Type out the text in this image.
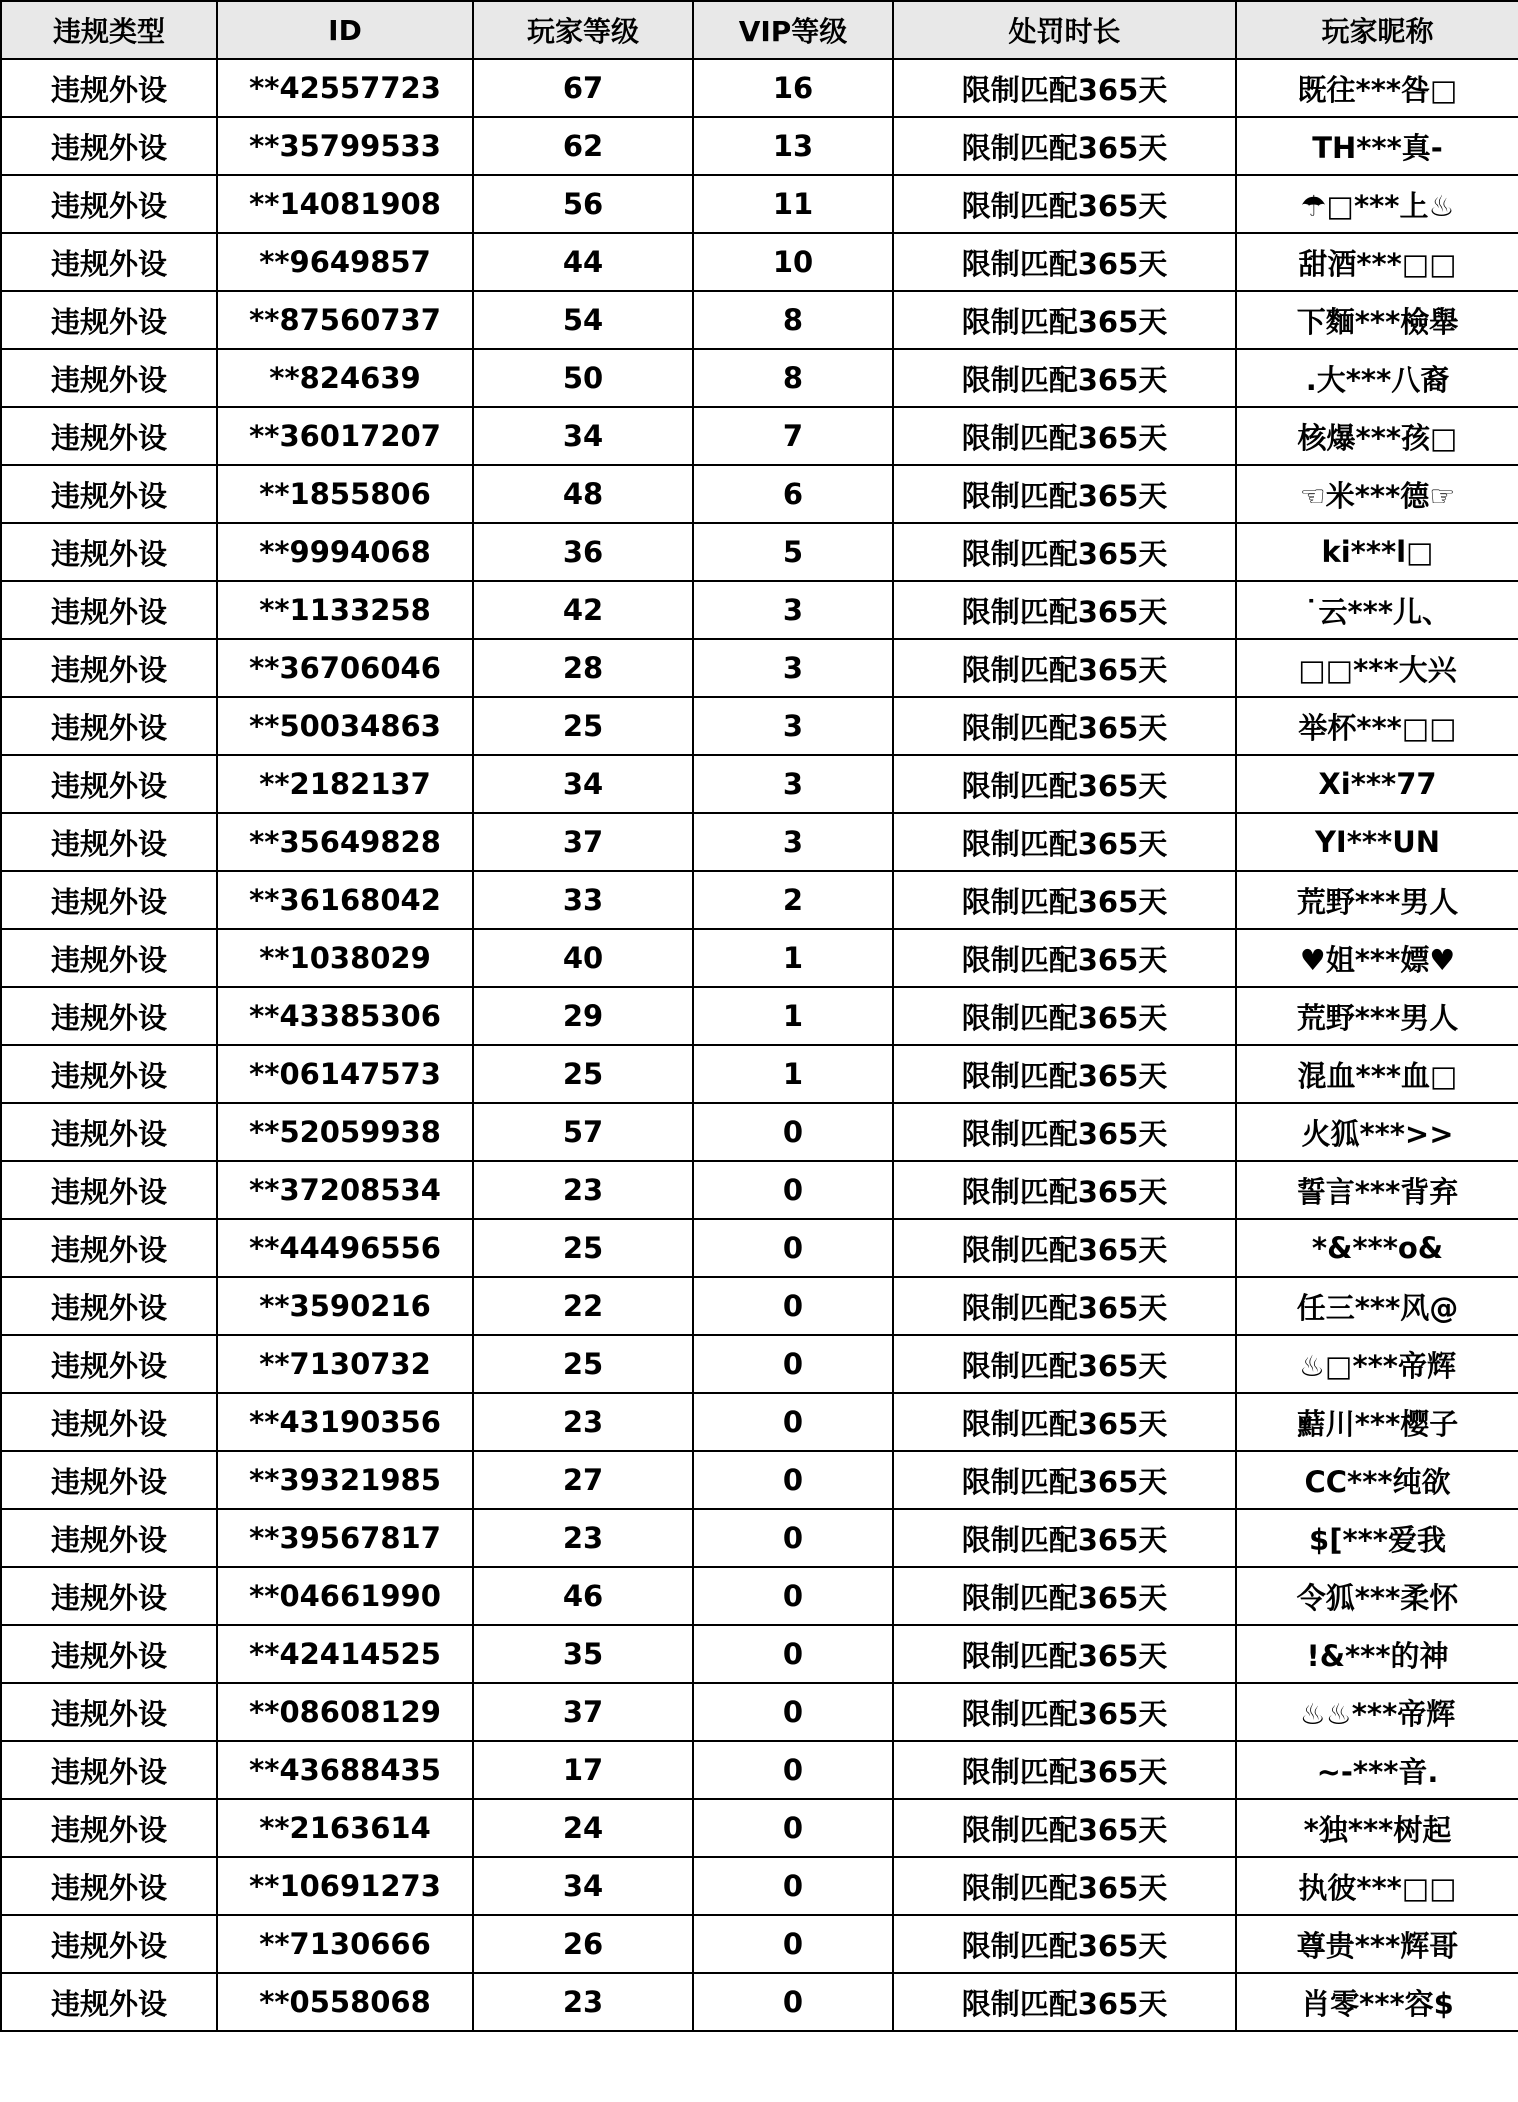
违规类型	ID	玩家等级	VIP等级	处罚时长	玩家昵称
违规外设	**42557723	67	16	限制匹配365天	既往***咎□
违规外设	**35799533	62	13	限制匹配365天	TH***真-
违规外设	**14081908	56	11	限制匹配365天	☂□***上♨
违规外设	**9649857	44	10	限制匹配365天	甜酒***□□
违规外设	**87560737	54	8	限制匹配365天	下麵***檢舉
违规外设	**824639	50	8	限制匹配365天	.大***八裔
违规外设	**36017207	34	7	限制匹配365天	核爆***孩□
违规外设	**1855806	48	6	限制匹配365天	☜米***德☞
违规外设	**9994068	36	5	限制匹配365天	ki***l□
违规外设	**1133258	42	3	限制匹配365天	˙云***儿、
违规外设	**36706046	28	3	限制匹配365天	□□***大兴
违规外设	**50034863	25	3	限制匹配365天	举杯***□□
违规外设	**2182137	34	3	限制匹配365天	Xi***77
违规外设	**35649828	37	3	限制匹配365天	YI***UN
违规外设	**36168042	33	2	限制匹配365天	荒野***男人
违规外设	**1038029	40	1	限制匹配365天	♥姐***嫖♥
违规外设	**43385306	29	1	限制匹配365天	荒野***男人
违规外设	**06147573	25	1	限制匹配365天	混血***血□
违规外设	**52059938	57	0	限制匹配365天	火狐***>>
违规外设	**37208534	23	0	限制匹配365天	誓言***背弃
违规外设	**44496556	25	0	限制匹配365天	*&***o&
违规外设	**3590216	22	0	限制匹配365天	任三***风@
违规外设	**7130732	25	0	限制匹配365天	♨□***帝辉
违规外设	**43190356	23	0	限制匹配365天	䕸川***樱子
违规外设	**39321985	27	0	限制匹配365天	CC***纯欲
违规外设	**39567817	23	0	限制匹配365天	$[***爱我
违规外设	**04661990	46	0	限制匹配365天	令狐***柔怀
违规外设	**42414525	35	0	限制匹配365天	!&***的神
违规外设	**08608129	37	0	限制匹配365天	♨♨***帝辉
违规外设	**43688435	17	0	限制匹配365天	~-***音.
违规外设	**2163614	24	0	限制匹配365天	*独***树起
违规外设	**10691273	34	0	限制匹配365天	执彼***□□
违规外设	**7130666	26	0	限制匹配365天	尊贵***辉哥
违规外设	**0558068	23	0	限制匹配365天	肖零***容$
